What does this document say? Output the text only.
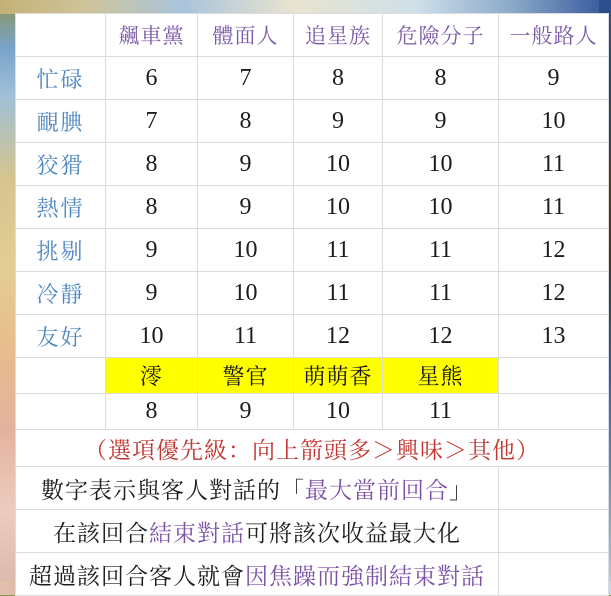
	飆車黨	體面人	追星族	危險分子	一般路人
忙碌	6	7	8	8	9
靦腆	7	8	9	9	10
狡猾	8	9	10	10	11
熱情	8	9	10	10	11
挑剔	9	10	11	11	12
冷靜	9	10	11	11	12
友好	10	11	12	12	13
	澪	警官	萌萌香	星熊	
	8	9	10	11	
（選項優先級：向上箭頭多＞興味＞其他）					
數字表示與客人對話的「最大當前回合」					
在該回合結束對話可將該次收益最大化					
超過該回合客人就會因焦躁而強制結束對話					
